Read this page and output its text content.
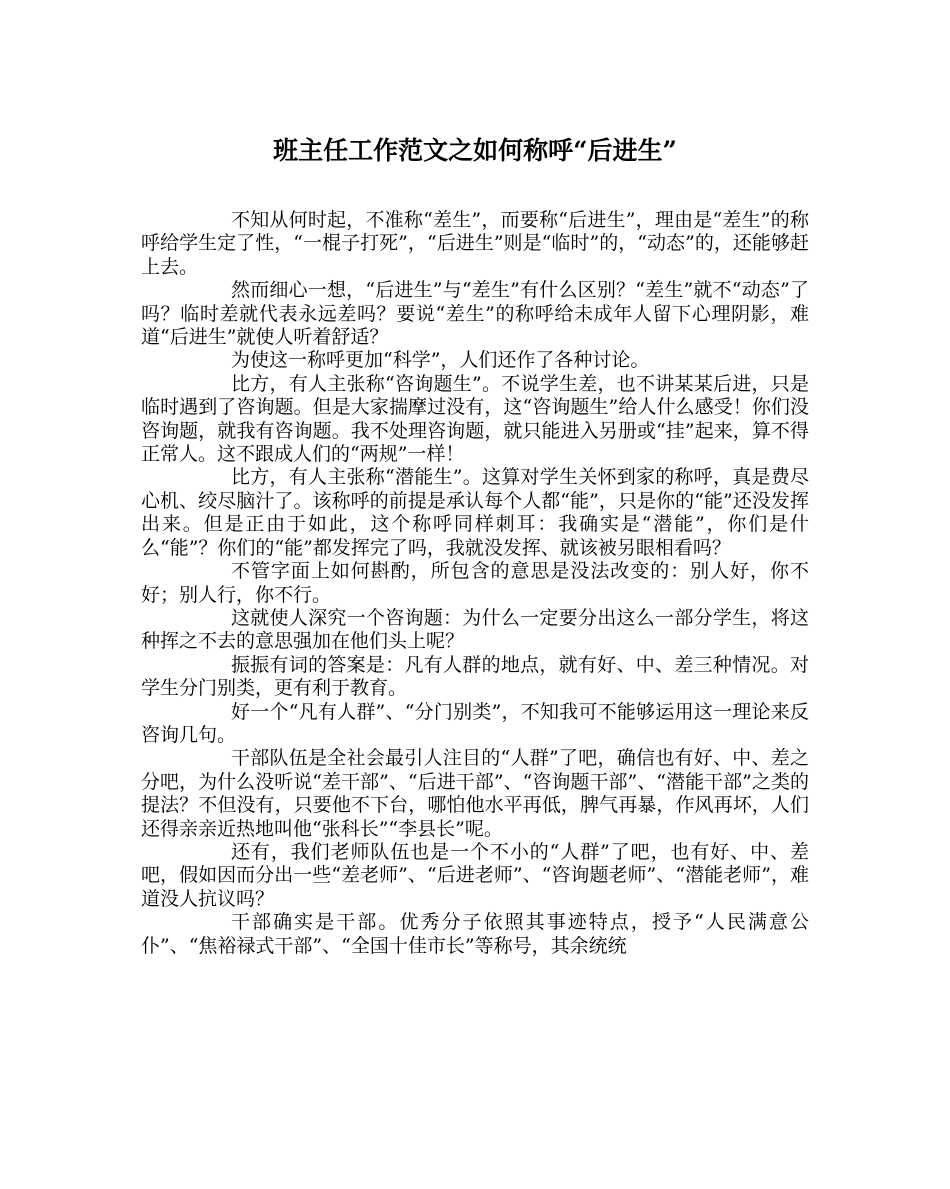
班主任工作范文之如何称呼“后进生”

不知从何时起，不准称“差生”，而要称“后进生”，理由是“差生”的称呼给学生定了性，“一棍子打死”，“后进生”则是“临时”的，“动态”的，还能够赶上去。

然而细心一想，“后进生”与“差生”有什么区别？“差生”就不“动态”了吗？临时差就代表永远差吗？要说“差生”的称呼给未成年人留下心理阴影，难道“后进生”就使人听着舒适？

为使这一称呼更加“科学”，人们还作了各种讨论。

比方，有人主张称“咨询题生”。不说学生差，也不讲某某后进，只是临时遇到了咨询题。但是大家揣摩过没有，这“咨询题生”给人什么感受！你们没咨询题，就我有咨询题。我不处理咨询题，就只能进入另册或“挂”起来，算不得正常人。这不跟成人们的“两规”一样！

比方，有人主张称“潜能生”。这算对学生关怀到家的称呼，真是费尽心机、绞尽脑汁了。该称呼的前提是承认每个人都“能”，只是你的“能”还没发挥出来。但是正由于如此，这个称呼同样刺耳：我确实是“潜能”，你们是什么“能”？你们的“能”都发挥完了吗，我就没发挥、就该被另眼相看吗？

不管字面上如何斟酌，所包含的意思是没法改变的：别人好，你不好；别人行，你不行。

这就使人深究一个咨询题：为什么一定要分出这么一部分学生，将这种挥之不去的意思强加在他们头上呢？

振振有词的答案是：凡有人群的地点，就有好、中、差三种情况。对学生分门别类，更有利于教育。

好一个“凡有人群”、“分门别类”，不知我可不能够运用这一理论来反咨询几句。

干部队伍是全社会最引人注目的“人群”了吧，确信也有好、中、差之分吧，为什么没听说“差干部”、“后进干部”、“咨询题干部”、“潜能干部”之类的提法？不但没有，只要他不下台，哪怕他水平再低，脾气再暴，作风再坏，人们还得亲亲近热地叫他“张科长”“李县长”呢。

还有，我们老师队伍也是一个不小的“人群”了吧，也有好、中、差吧，假如因而分出一些“差老师”、“后进老师”、“咨询题老师”、“潜能老师”，难道没人抗议吗？

干部确实是干部。优秀分子依照其事迹特点，授予“人民满意公仆”、“焦裕禄式干部”、“全国十佳市长”等称号，其余统统
